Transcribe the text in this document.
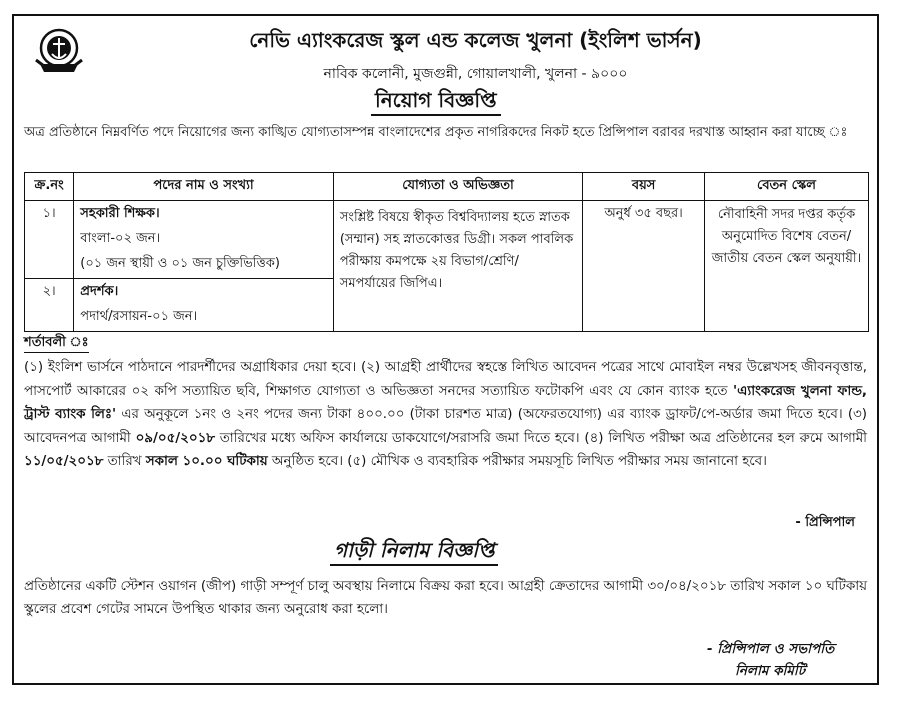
নেভি এ্যাংকরেজ স্কুল এন্ড কলেজ খুলনা (ইংলিশ ভার্সন)
নাবিক কলোনী, মুজগুন্নী, গোয়ালখালী, খুলনা - ৯০০০
নিয়োগ বিজ্ঞপ্তি
অত্র প্রতিষ্ঠানে নিম্নবর্ণিত পদে নিয়োগের জন্য কাঙ্খিত যোগ্যতাসম্পন্ন বাংলাদেশের প্রকৃত নাগরিকদের নিকট হতে প্রিন্সিপাল বরাবর দরখাস্ত আহ্বান করা যাচ্ছে ঃ
ক্র.নং	পদের নাম ও সংখ্যা	যোগ্যতা ও অভিজ্ঞতা	বয়স	বেতন স্কেল
১।	সহকারী শিক্ষক।
বাংলা-০২ জন।
(০১ জন স্থায়ী ও ০১ জন চুক্তিভিত্তিক)	সংশ্লিষ্ট বিষয়ে স্বীকৃত বিশ্ববিদ্যালয় হতে স্নাতক (সম্মান) সহ স্নাতকোত্তর ডিগ্রী। সকল পাবলিক পরীক্ষায় কমপক্ষে ২য় বিভাগ/শ্রেণি/ সমপর্যায়ের জিপিএ।	অনুর্ধ ৩৫ বছর।	নৌবাহিনী সদর দপ্তর কর্তৃক অনুমোদিত বিশেষ বেতন/জাতীয় বেতন স্কেল অনুযায়ী।
২।	প্রদর্শক।
পদার্থ/রসায়ন-০১ জন।			
শর্তাবলী ঃ
(১) ইংলিশ ভার্সনে পাঠদানে পারদর্শীদের অগ্রাধিকার দেয়া হবে। (২) আগ্রহী প্রার্থীদের স্বহস্তে লিখিত আবেদন পত্রের সাথে মোবাইল নম্বর উল্লেখসহ জীবনবৃত্তান্ত, পাসপোর্ট আকারের ০২ কপি সত্যায়িত ছবি, শিক্ষাগত যোগ্যতা ও অভিজ্ঞতা সনদের সত্যায়িত ফটোকপি এবং যে কোন ব্যাংক হতে 'এ্যাংকরেজ খুলনা ফান্ড, ট্রাস্ট ব্যাংক লিঃ' এর অনুকূলে ১নং ও ২নং পদের জন্য টাকা ৪০০.০০ (টাকা চারশত মাত্র) (অফেরতযোগ্য) এর ব্যাংক ড্রাফট/পে-অর্ডার জমা দিতে হবে। (৩) আবেদনপত্র আগামী ০৯/০৫/২০১৮ তারিখের মধ্যে অফিস কার্যালয়ে ডাকযোগে/সরাসরি জমা দিতে হবে। (৪) লিখিত পরীক্ষা অত্র প্রতিষ্ঠানের হল রুমে আগামী ১১/০৫/২০১৮ তারিখ সকাল ১০.০০ ঘটিকায় অনুষ্ঠিত হবে। (৫) মৌখিক ও ব্যবহারিক পরীক্ষার সময়সূচি লিখিত পরীক্ষার সময় জানানো হবে।
- প্রিন্সিপাল
গাড়ী নিলাম বিজ্ঞপ্তি
প্রতিষ্ঠানের একটি স্টেশন ওয়াগন (জীপ) গাড়ী সম্পূর্ণ চালু অবস্থায় নিলামে বিক্রয় করা হবে। আগ্রহী ক্রেতাদের আগামী ৩০/০৪/২০১৮ তারিখ সকাল ১০ ঘটিকায় স্কুলের প্রবেশ গেটের সামনে উপস্থিত থাকার জন্য অনুরোধ করা হলো।
- প্রিন্সিপাল ও সভাপতি
নিলাম কমিটি
